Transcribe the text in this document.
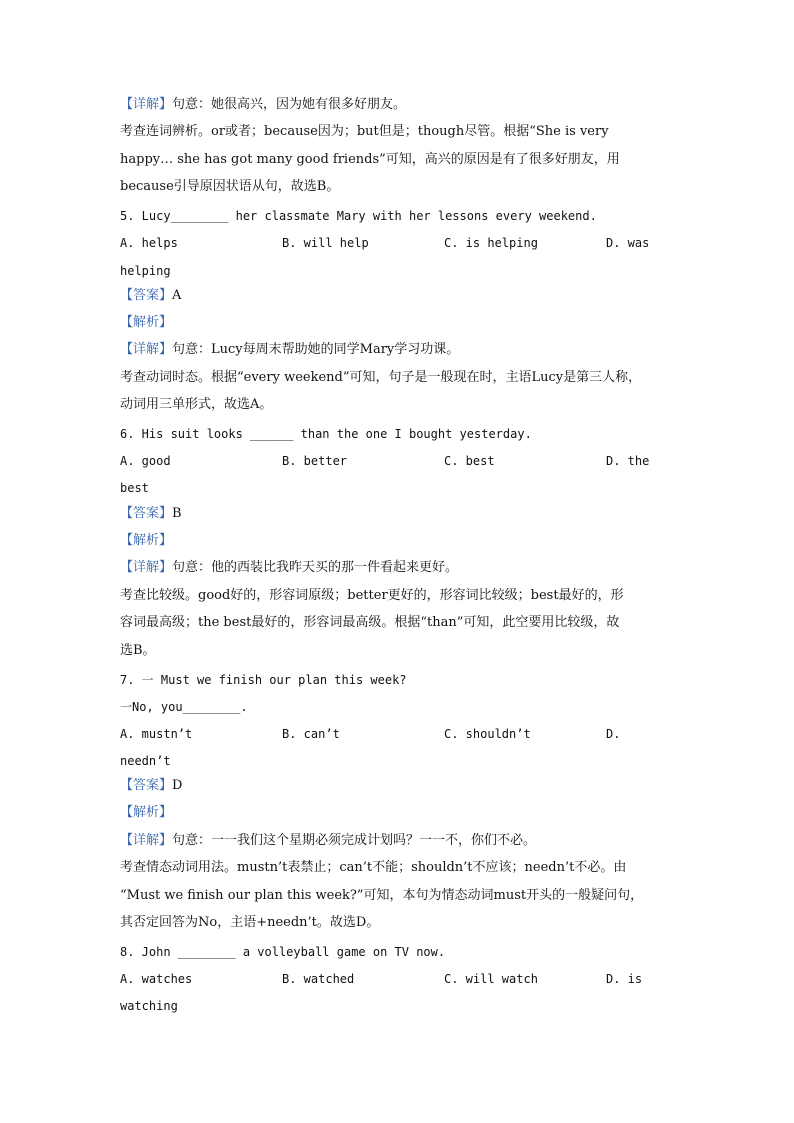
【详解】句意：她很高兴，因为她有很多好朋友。
考查连词辨析。or或者；because因为；but但是；though尽管。根据“She is very
happy… she has got many good friends”可知，高兴的原因是有了很多好朋友，用
because引导原因状语从句，故选B。
5. Lucy________ her classmate Mary with her lessons every weekend.
A. helps	B. will help	C. is helping	D. was
helping
【答案】A
【解析】
【详解】句意：Lucy每周末帮助她的同学Mary学习功课。
考查动词时态。根据“every weekend”可知，句子是一般现在时，主语Lucy是第三人称，
动词用三单形式，故选A。
6. His suit looks ______ than the one I bought yesterday.
A. good	B. better	C. best	D. the
best
【答案】B
【解析】
【详解】句意：他的西装比我昨天买的那一件看起来更好。
考查比较级。good好的，形容词原级；better更好的，形容词比较级；best最好的，形
容词最高级；the best最好的，形容词最高级。根据“than”可知，此空要用比较级，故
选B。
7. 一 Must we finish our plan this week?
一No, you________.
A. mustn’t	B. can’t	C. shouldn’t	D.
needn’t
【答案】D
【解析】
【详解】句意：一一我们这个星期必须完成计划吗？一一不，你们不必。
考查情态动词用法。mustn’t表禁止；can’t不能；shouldn’t不应该；needn’t不必。由
“Must we finish our plan this week?”可知，本句为情态动词must开头的一般疑问句，
其否定回答为No，主语+needn’t。故选D。
8. John ________ a volleyball game on TV now.
A. watches	B. watched	C. will watch	D. is
watching
